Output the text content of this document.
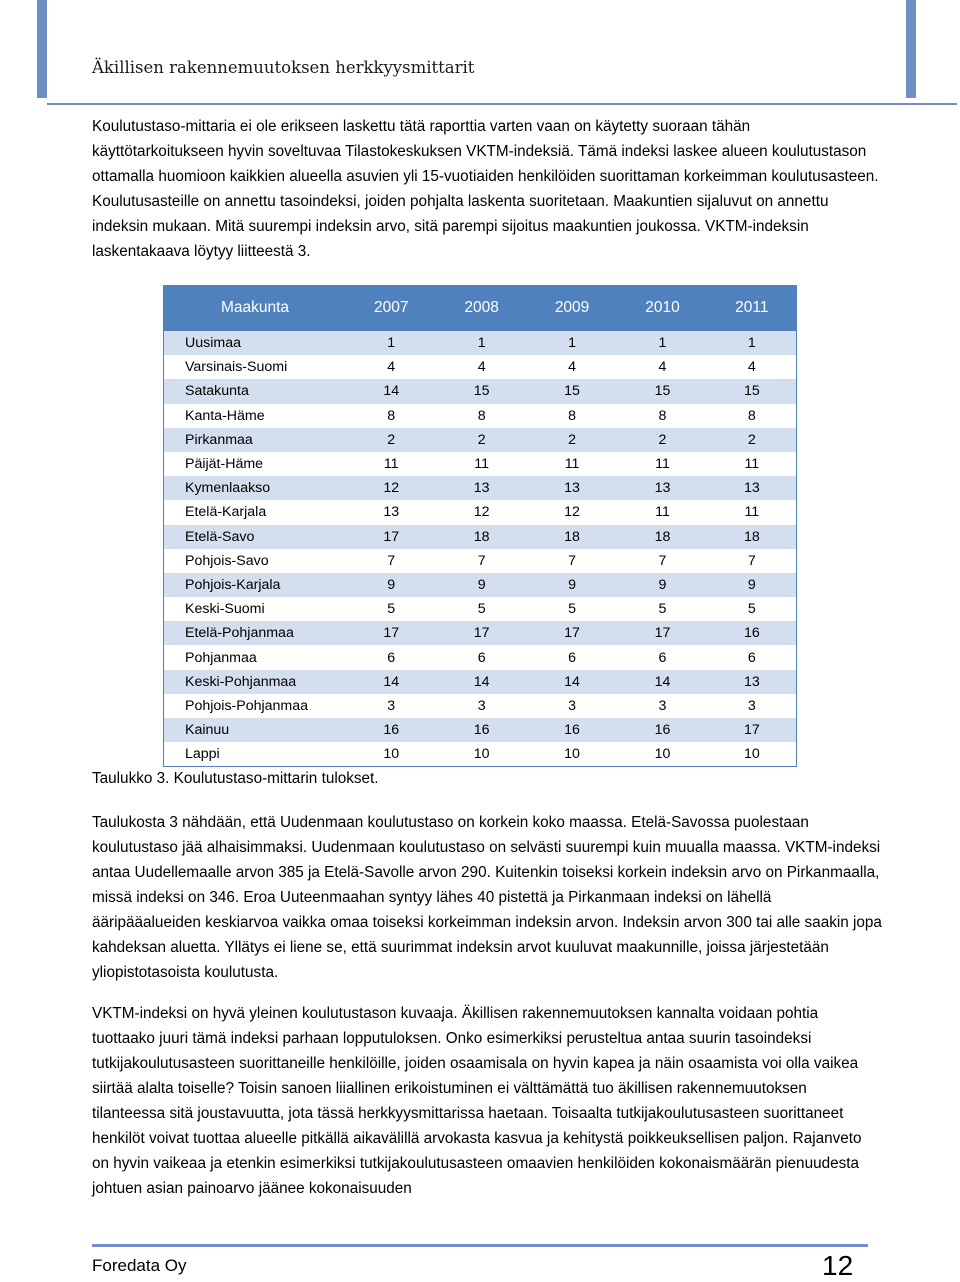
Äkillisen rakennemuutoksen herkkyysmittarit

Koulutustaso-mittaria ei ole erikseen laskettu tätä raporttia varten vaan on käytetty suoraan tähän käyttötarkoitukseen hyvin soveltuvaa Tilastokeskuksen VKTM-indeksiä. Tämä indeksi laskee alueen koulutustason ottamalla huomioon kaikkien alueella asuvien yli 15-vuotiaiden henkilöiden suorittaman korkeimman koulutusasteen. Koulutusasteille on annettu tasoindeksi, joiden pohjalta laskenta suoritetaan. Maakuntien sijaluvut on annettu indeksin mukaan. Mitä suurempi indeksin arvo, sitä parempi sijoitus maakuntien joukossa. VKTM-indeksin laskentakaava löytyy liitteestä 3.

Maakunta	2007	2008	2009	2010	2011
Uusimaa	1	1	1	1	1
Varsinais-Suomi	4	4	4	4	4
Satakunta	14	15	15	15	15
Kanta-Häme	8	8	8	8	8
Pirkanmaa	2	2	2	2	2
Päijät-Häme	11	11	11	11	11
Kymenlaakso	12	13	13	13	13
Etelä-Karjala	13	12	12	11	11
Etelä-Savo	17	18	18	18	18
Pohjois-Savo	7	7	7	7	7
Pohjois-Karjala	9	9	9	9	9
Keski-Suomi	5	5	5	5	5
Etelä-Pohjanmaa	17	17	17	17	16
Pohjanmaa	6	6	6	6	6
Keski-Pohjanmaa	14	14	14	14	13
Pohjois-Pohjanmaa	3	3	3	3	3
Kainuu	16	16	16	16	17
Lappi	10	10	10	10	10
Taulukko 3. Koulutustaso-mittarin tulokset.

Taulukosta 3 nähdään, että Uudenmaan koulutustaso on korkein koko maassa. Etelä-Savossa puolestaan koulutustaso jää alhaisimmaksi. Uudenmaan koulutustaso on selvästi suurempi kuin muualla maassa. VKTM-indeksi antaa Uudellemaalle arvon 385 ja Etelä-Savolle arvon 290. Kuitenkin toiseksi korkein indeksin arvo on Pirkanmaalla, missä indeksi on 346. Eroa Uuteenmaahan syntyy lähes 40 pistettä ja Pirkanmaan indeksi on lähellä ääripääalueiden keskiarvoa vaikka omaa toiseksi korkeimman indeksin arvon. Indeksin arvon 300 tai alle saakin jopa kahdeksan aluetta. Yllätys ei liene se, että suurimmat indeksin arvot kuuluvat maakunnille, joissa järjestetään yliopistotasoista koulutusta.

VKTM-indeksi on hyvä yleinen koulutustason kuvaaja. Äkillisen rakennemuutoksen kannalta voidaan pohtia tuottaako juuri tämä indeksi parhaan lopputuloksen. Onko esimerkiksi perusteltua antaa suurin tasoindeksi tutkijakoulutusasteen suorittaneille henkilöille, joiden osaamisala on hyvin kapea ja näin osaamista voi olla vaikea siirtää alalta toiselle? Toisin sanoen liiallinen erikoistuminen ei välttämättä tuo äkillisen rakennemuutoksen tilanteessa sitä joustavuutta, jota tässä herkkyysmittarissa haetaan. Toisaalta tutkijakoulutusasteen suorittaneet henkilöt voivat tuottaa alueelle pitkällä aikavälillä arvokasta kasvua ja kehitystä poikkeuksellisen paljon. Rajanveto on hyvin vaikeaa ja etenkin esimerkiksi tutkijakoulutusasteen omaavien henkilöiden kokonaismäärän pienuudesta johtuen asian painoarvo jäänee kokonaisuuden

Foredata Oy	12
